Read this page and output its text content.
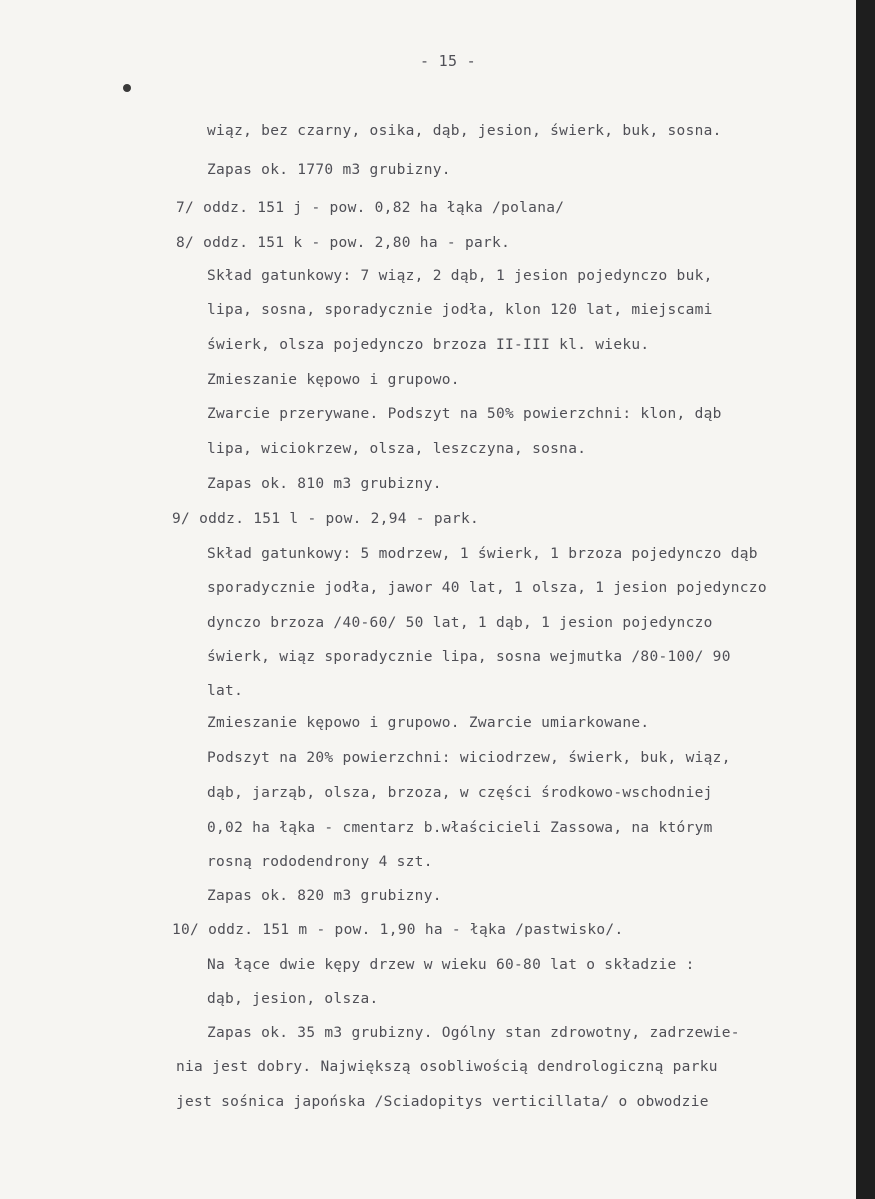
- 15 -
wiąz, bez czarny, osika, dąb, jesion, świerk, buk, sosna.
Zapas ok. 1770 m3 grubizny.
7/ oddz. 151 j - pow. 0,82 ha łąka /polana/
8/ oddz. 151 k - pow. 2,80 ha - park.
Skład gatunkowy: 7 wiąz, 2 dąb, 1 jesion pojedynczo buk,
lipa, sosna, sporadycznie jodła, klon 120 lat, miejscami
świerk, olsza pojedynczo brzoza II-III kl. wieku.
Zmieszanie kępowo i grupowo.
Zwarcie przerywane. Podszyt na 50% powierzchni: klon, dąb
lipa, wiciokrzew, olsza, leszczyna, sosna.
Zapas ok. 810 m3 grubizny.
9/ oddz. 151 l - pow. 2,94 - park.
Skład gatunkowy: 5 modrzew, 1 świerk, 1 brzoza pojedynczo dąb
sporadycznie jodła, jawor 40 lat, 1 olsza, 1 jesion pojedynczo
dynczo brzoza /40-60/ 50 lat, 1 dąb, 1 jesion pojedynczo
świerk, wiąz sporadycznie lipa, sosna wejmutka /80-100/ 90
lat.
Zmieszanie kępowo i grupowo. Zwarcie umiarkowane.
Podszyt na 20% powierzchni: wiciodrzew, świerk, buk, wiąz,
dąb, jarząb, olsza, brzoza, w części środkowo-wschodniej
0,02 ha łąka - cmentarz b.właścicieli Zassowa, na którym
rosną rododendrony 4 szt.
Zapas ok. 820 m3 grubizny.
10/ oddz. 151 m - pow. 1,90 ha - łąka /pastwisko/.
Na łące dwie kępy drzew w wieku 60-80 lat o składzie :
dąb, jesion, olsza.
Zapas ok. 35 m3 grubizny. Ogólny stan zdrowotny, zadrzewie-
nia jest dobry. Największą osobliwością dendrologiczną parku
jest sośnica japońska /Sciadopitys verticillata/ o obwodzie
